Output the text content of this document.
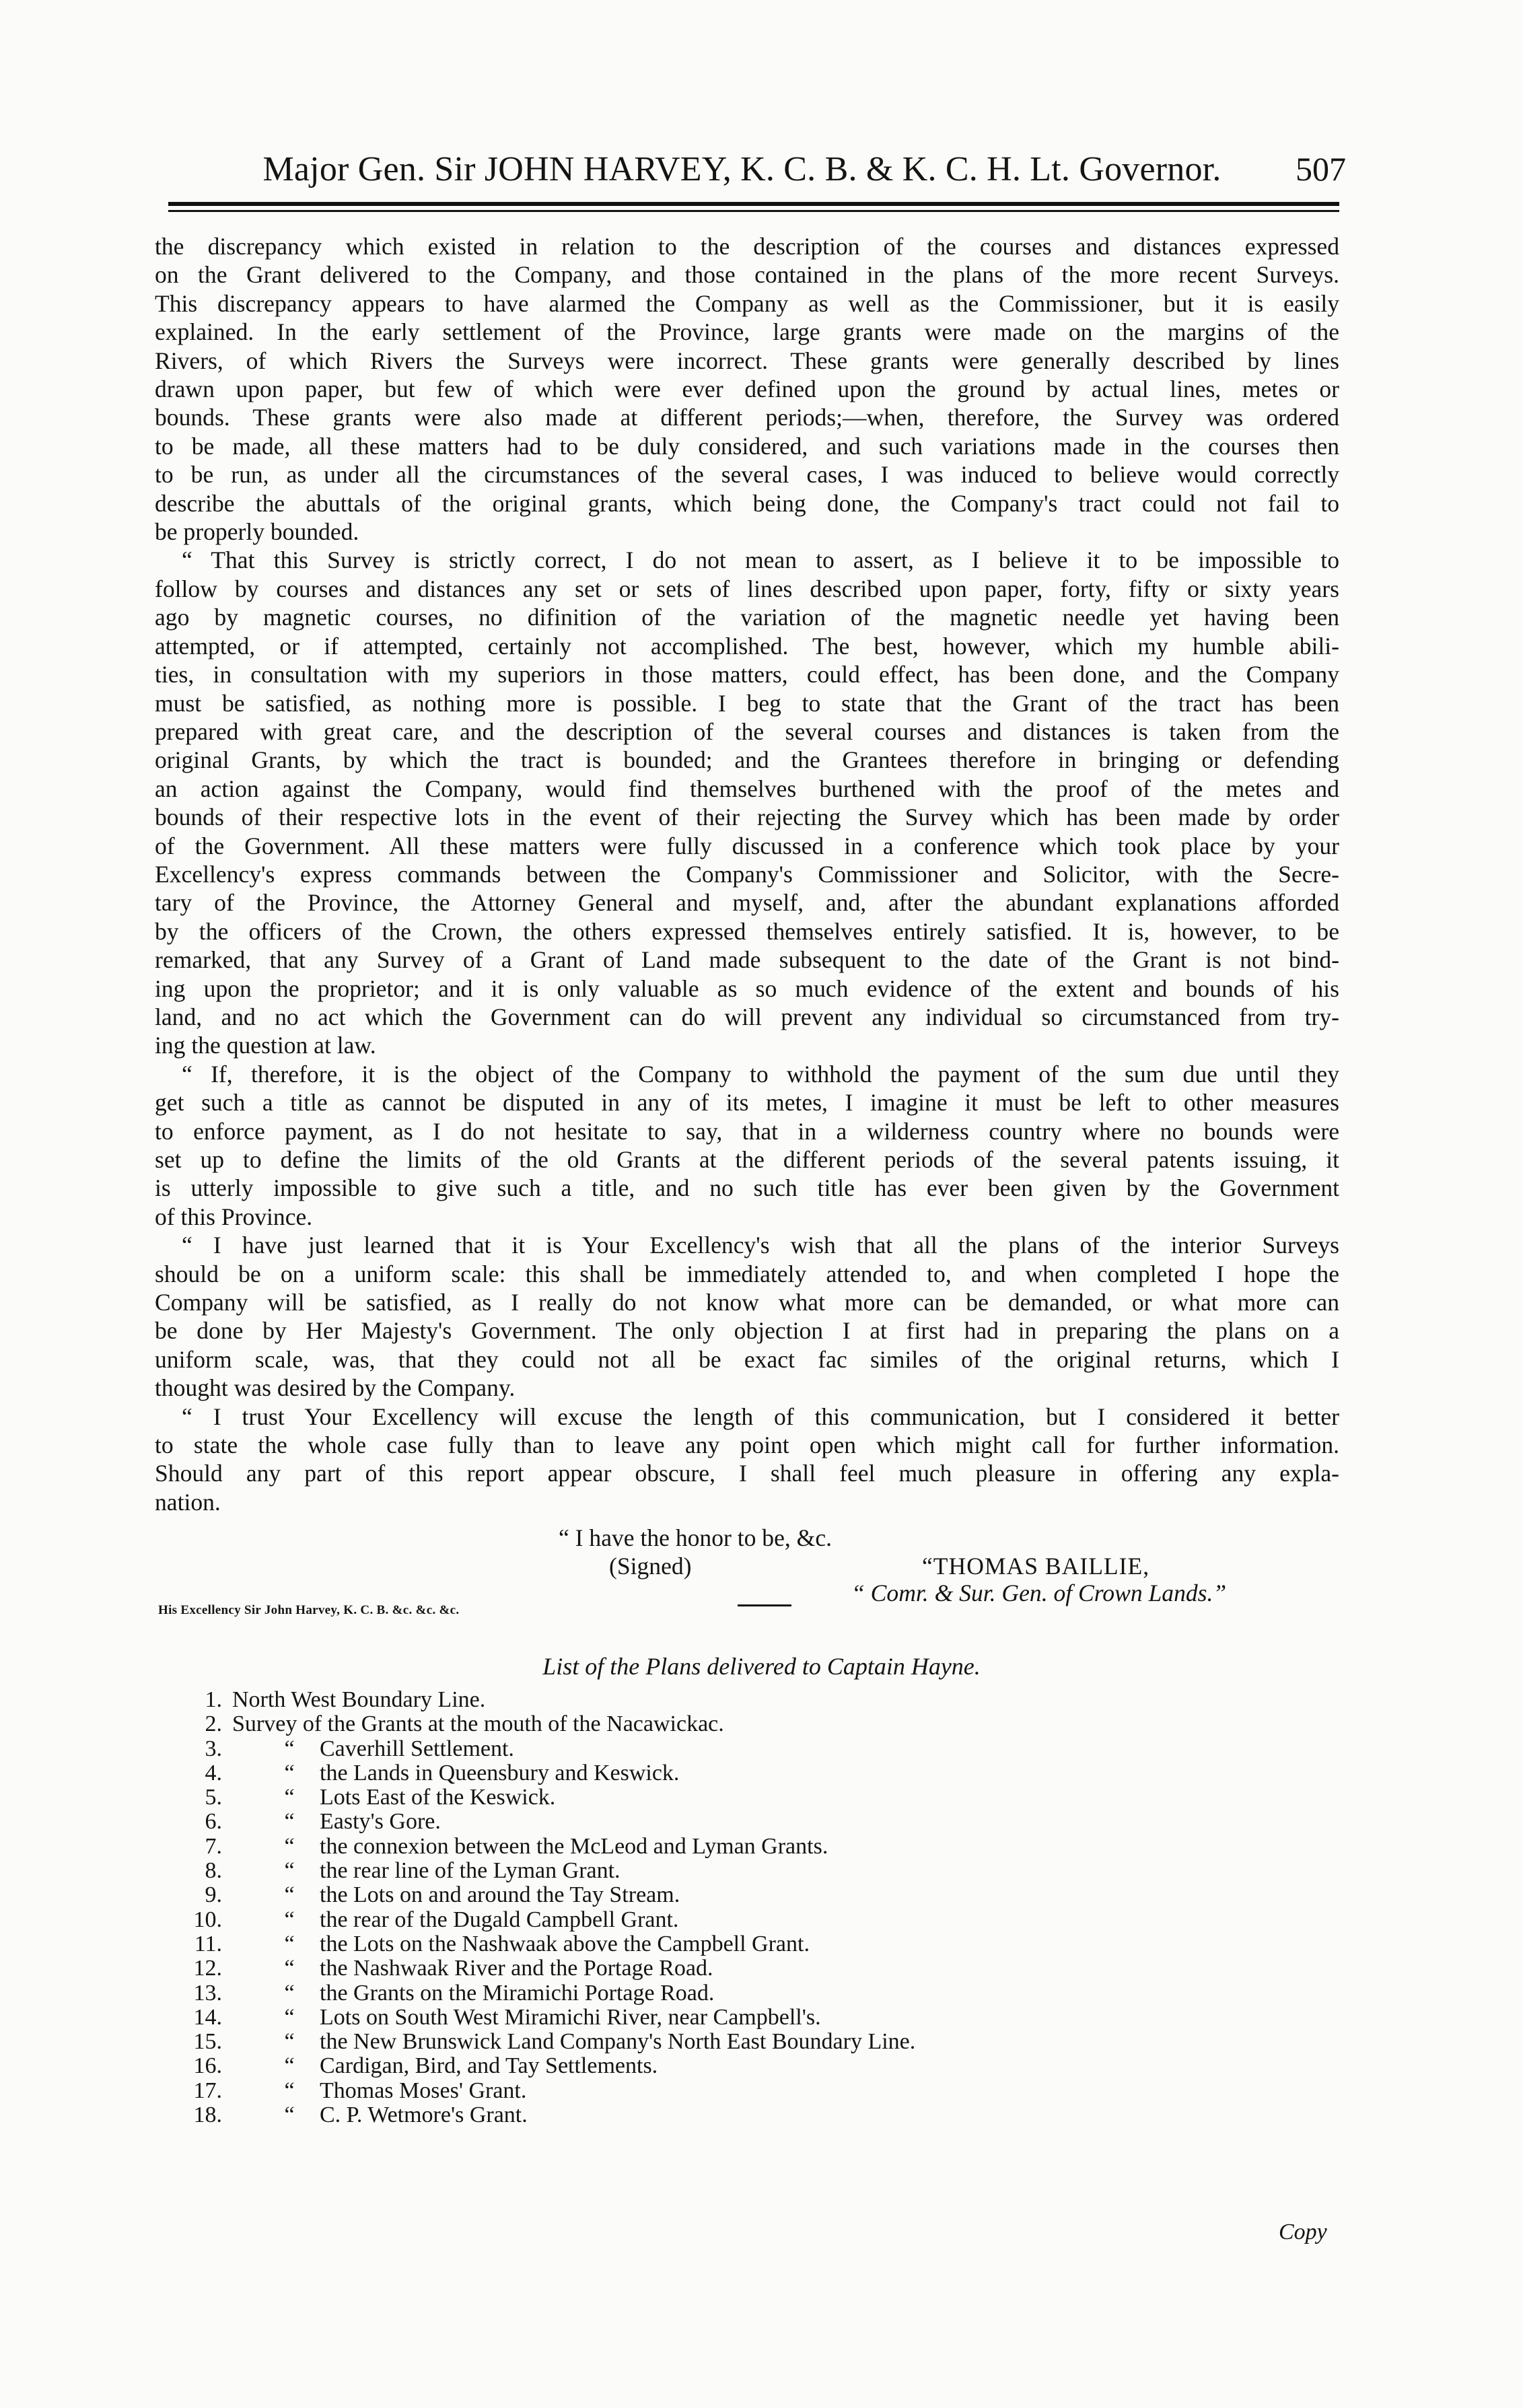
Major Gen. Sir JOHN HARVEY, K. C. B. & K. C. H. Lt. Governor.	507
the discrepancy which existed in relation to the description of the courses and distances expressed
on the Grant delivered to the Company, and those contained in the plans of the more recent Surveys.
This discrepancy appears to have alarmed the Company as well as the Commissioner, but it is easily
explained. In the early settlement of the Province, large grants were made on the margins of the
Rivers, of which Rivers the Surveys were incorrect. These grants were generally described by lines
drawn upon paper, but few of which were ever defined upon the ground by actual lines, metes or
bounds. These grants were also made at different periods;—when, therefore, the Survey was ordered
to be made, all these matters had to be duly considered, and such variations made in the courses then
to be run, as under all the circumstances of the several cases, I was induced to believe would correctly
describe the abuttals of the original grants, which being done, the Company's tract could not fail to
be properly bounded.
“ That this Survey is strictly correct, I do not mean to assert, as I believe it to be impossible to
follow by courses and distances any set or sets of lines described upon paper, forty, fifty or sixty years
ago by magnetic courses, no difinition of the variation of the magnetic needle yet having been
attempted, or if attempted, certainly not accomplished. The best, however, which my humble abili-
ties, in consultation with my superiors in those matters, could effect, has been done, and the Company
must be satisfied, as nothing more is possible. I beg to state that the Grant of the tract has been
prepared with great care, and the description of the several courses and distances is taken from the
original Grants, by which the tract is bounded; and the Grantees therefore in bringing or defending
an action against the Company, would find themselves burthened with the proof of the metes and
bounds of their respective lots in the event of their rejecting the Survey which has been made by order
of the Government. All these matters were fully discussed in a conference which took place by your
Excellency's express commands between the Company's Commissioner and Solicitor, with the Secre-
tary of the Province, the Attorney General and myself, and, after the abundant explanations afforded
by the officers of the Crown, the others expressed themselves entirely satisfied. It is, however, to be
remarked, that any Survey of a Grant of Land made subsequent to the date of the Grant is not bind-
ing upon the proprietor; and it is only valuable as so much evidence of the extent and bounds of his
land, and no act which the Government can do will prevent any individual so circumstanced from try-
ing the question at law.
“ If, therefore, it is the object of the Company to withhold the payment of the sum due until they
get such a title as cannot be disputed in any of its metes, I imagine it must be left to other measures
to enforce payment, as I do not hesitate to say, that in a wilderness country where no bounds were
set up to define the limits of the old Grants at the different periods of the several patents issuing, it
is utterly impossible to give such a title, and no such title has ever been given by the Government
of this Province.
“ I have just learned that it is Your Excellency's wish that all the plans of the interior Surveys
should be on a uniform scale: this shall be immediately attended to, and when completed I hope the
Company will be satisfied, as I really do not know what more can be demanded, or what more can
be done by Her Majesty's Government. The only objection I at first had in preparing the plans on a
uniform scale, was, that they could not all be exact fac similes of the original returns, which I
thought was desired by the Company.
“ I trust Your Excellency will excuse the length of this communication, but I considered it better
to state the whole case fully than to leave any point open which might call for further information.
Should any part of this report appear obscure, I shall feel much pleasure in offering any expla-
nation.
“ I have the honor to be, &c.
(Signed)	“THOMAS BAILLIE,
“ Comr. & Sur. Gen. of Crown Lands.”
His Excellency Sir John Harvey, K. C. B. &c. &c. &c.
List of the Plans delivered to Captain Hayne.
1. North West Boundary Line.
2. Survey of the Grants at the mouth of the Nacawickac.
3.	“	Caverhill Settlement.
4.	“	the Lands in Queensbury and Keswick.
5.	“	Lots East of the Keswick.
6.	“	Easty's Gore.
7.	“	the connexion between the McLeod and Lyman Grants.
8.	“	the rear line of the Lyman Grant.
9.	“	the Lots on and around the Tay Stream.
10.	“	the rear of the Dugald Campbell Grant.
11.	“	the Lots on the Nashwaak above the Campbell Grant.
12.	“	the Nashwaak River and the Portage Road.
13.	“	the Grants on the Miramichi Portage Road.
14.	“	Lots on South West Miramichi River, near Campbell's.
15.	“	the New Brunswick Land Company's North East Boundary Line.
16.	“	Cardigan, Bird, and Tay Settlements.
17.	“	Thomas Moses' Grant.
18.	“	C. P. Wetmore's Grant.
Copy
